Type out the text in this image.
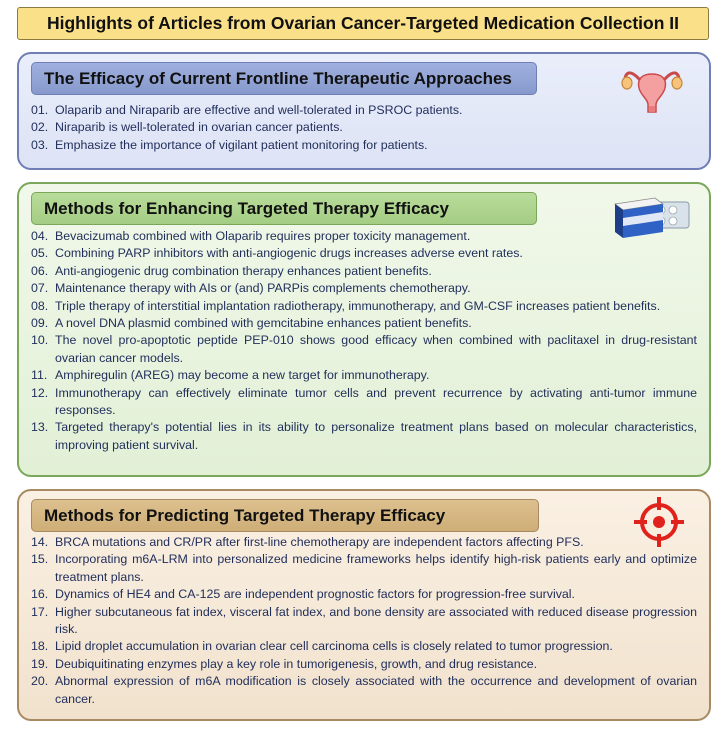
Highlights of Articles from Ovarian Cancer-Targeted Medication Collection II
The Efficacy of Current Frontline Therapeutic Approaches
01. Olaparib and Niraparib are effective and well-tolerated in PSROC patients.
02. Niraparib is well-tolerated in ovarian cancer patients.
03. Emphasize the importance of vigilant patient monitoring for patients.
Methods for Enhancing Targeted Therapy Efficacy
04. Bevacizumab combined with Olaparib requires proper toxicity management.
05. Combining PARP inhibitors with anti-angiogenic drugs increases adverse event rates.
06. Anti-angiogenic drug combination therapy enhances patient benefits.
07. Maintenance therapy with AIs or (and) PARPis complements chemotherapy.
08. Triple therapy of interstitial implantation radiotherapy, immunotherapy, and GM-CSF increases patient benefits.
09. A novel DNA plasmid combined with gemcitabine enhances patient benefits.
10. The novel pro-apoptotic peptide PEP-010 shows good efficacy when combined with paclitaxel in drug-resistant ovarian cancer models.
11. Amphiregulin (AREG) may become a new target for immunotherapy.
12. Immunotherapy can effectively eliminate tumor cells and prevent recurrence by activating anti-tumor immune responses.
13. Targeted therapy's potential lies in its ability to personalize treatment plans based on molecular characteristics, improving patient survival.
Methods for Predicting Targeted Therapy Efficacy
14. BRCA mutations and CR/PR after first-line chemotherapy are independent factors affecting PFS.
15. Incorporating m6A-LRM into personalized medicine frameworks helps identify high-risk patients early and optimize treatment plans.
16. Dynamics of HE4 and CA-125 are independent prognostic factors for progression-free survival.
17. Higher subcutaneous fat index, visceral fat index, and bone density are associated with reduced disease progression risk.
18. Lipid droplet accumulation in ovarian clear cell carcinoma cells is closely related to tumor progression.
19. Deubiquitinating enzymes play a key role in tumorigenesis, growth, and drug resistance.
20. Abnormal expression of m6A modification is closely associated with the occurrence and development of ovarian cancer.
